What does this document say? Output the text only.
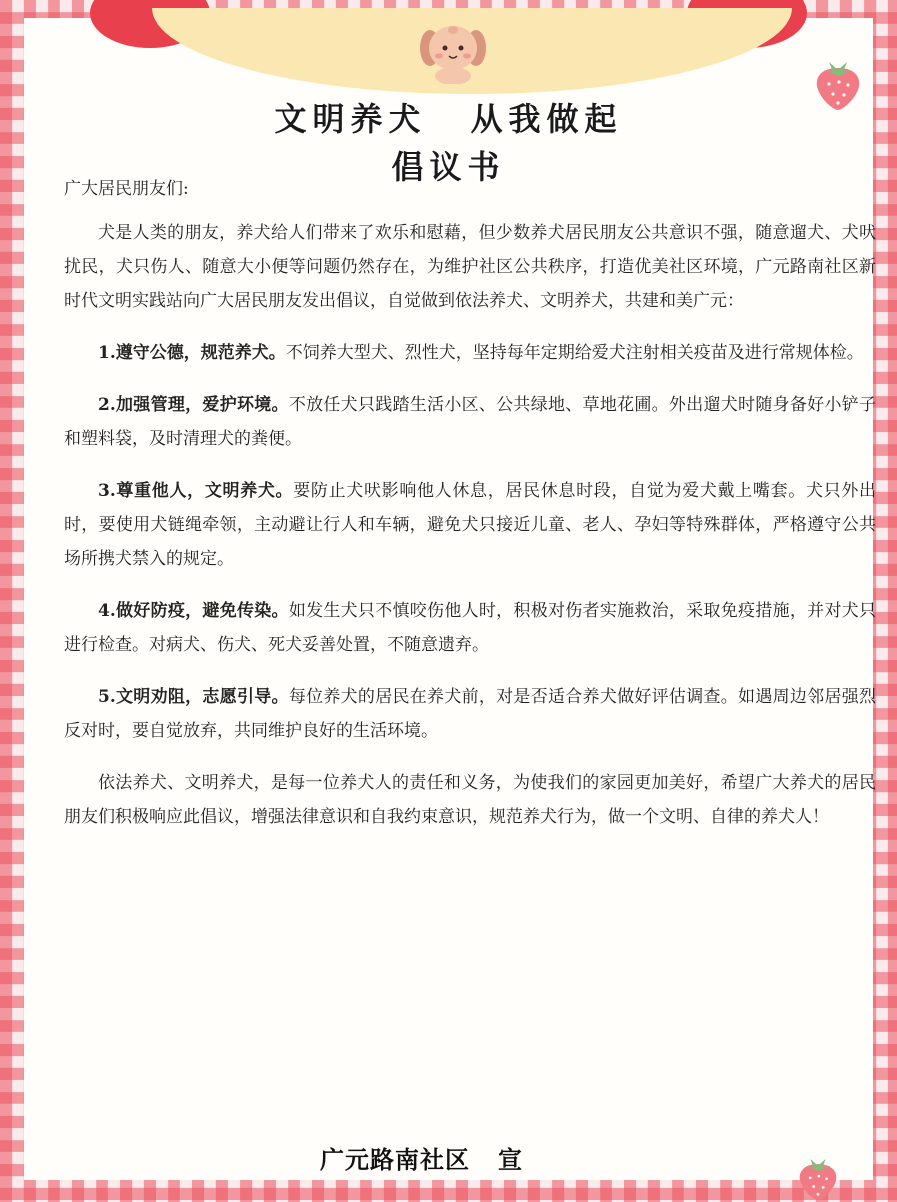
文明养犬 从我做起
倡议书

广大居民朋友们:

犬是人类的朋友，养犬给人们带来了欢乐和慰藉，但少数养犬居民朋友公共意识不强，随意遛犬、犬吠扰民，犬只伤人、随意大小便等问题仍然存在，为维护社区公共秩序，打造优美社区环境，广元路南社区新时代文明实践站向广大居民朋友发出倡议，自觉做到依法养犬、文明养犬，共建和美广元：

1.遵守公德，规范养犬。不饲养大型犬、烈性犬，坚持每年定期给爱犬注射相关疫苗及进行常规体检。

2.加强管理，爱护环境。不放任犬只践踏生活小区、公共绿地、草地花圃。外出遛犬时随身备好小铲子和塑料袋，及时清理犬的粪便。

3.尊重他人，文明养犬。要防止犬吠影响他人休息，居民休息时段，自觉为爱犬戴上嘴套。犬只外出时，要使用犬链绳牵领，主动避让行人和车辆，避免犬只接近儿童、老人、孕妇等特殊群体，严格遵守公共场所携犬禁入的规定。

4.做好防疫，避免传染。如发生犬只不慎咬伤他人时，积极对伤者实施救治，采取免疫措施，并对犬只进行检查。对病犬、伤犬、死犬妥善处置，不随意遗弃。

5.文明劝阻，志愿引导。每位养犬的居民在养犬前，对是否适合养犬做好评估调查。如遇周边邻居强烈反对时，要自觉放弃，共同维护良好的生活环境。

依法养犬、文明养犬，是每一位养犬人的责任和义务，为使我们的家园更加美好，希望广大养犬的居民朋友们积极响应此倡议，增强法律意识和自我约束意识，规范养犬行为，做一个文明、自律的养犬人！

广元路南社区 宣
